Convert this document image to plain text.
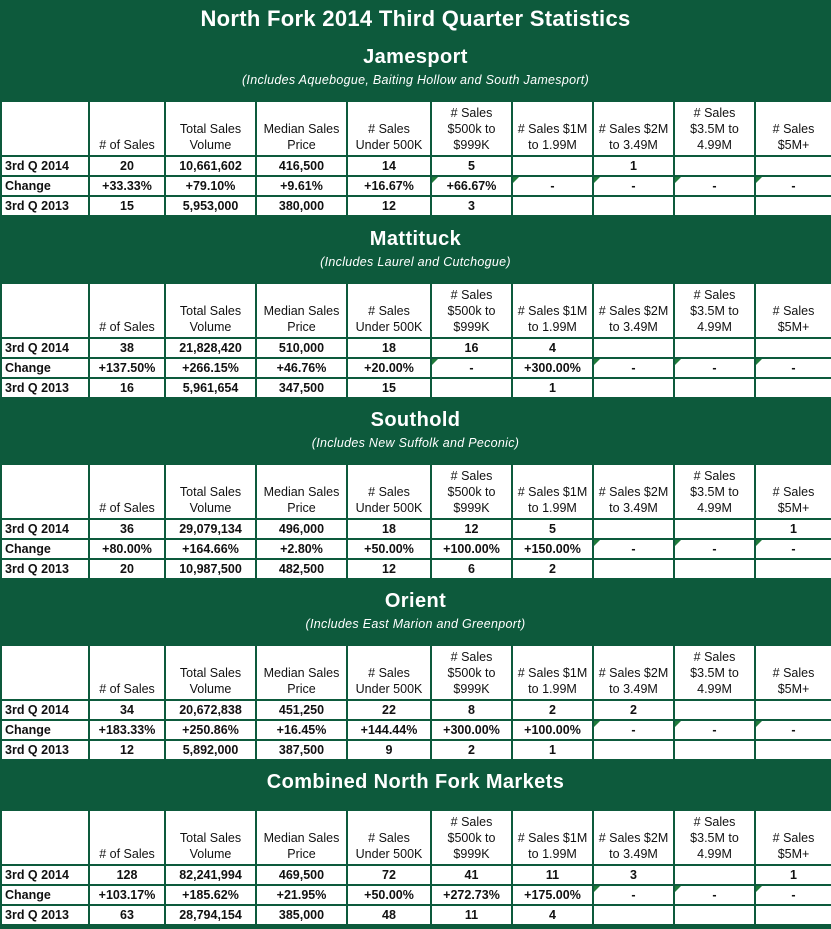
North Fork 2014 Third Quarter Statistics
Jamesport
(Includes Aquebogue, Baiting Hollow and South Jamesport)
	# of Sales	Total Sales Volume	Median Sales Price	# Sales Under 500K	# Sales $500k to $999K	# Sales $1M to 1.99M	# Sales $2M to 3.49M	# Sales $3.5M to 4.99M	# Sales $5M+
3rd Q 2014	20	10,661,602	416,500	14	5		1		
Change	+33.33%	+79.10%	+9.61%	+16.67%	+66.67%	-	-	-	-
3rd Q 2013	15	5,953,000	380,000	12	3				
Mattituck
(Includes Laurel and Cutchogue)
	# of Sales	Total Sales Volume	Median Sales Price	# Sales Under 500K	# Sales $500k to $999K	# Sales $1M to 1.99M	# Sales $2M to 3.49M	# Sales $3.5M to 4.99M	# Sales $5M+
3rd Q 2014	38	21,828,420	510,000	18	16	4			
Change	+137.50%	+266.15%	+46.76%	+20.00%	-	+300.00%	-	-	-
3rd Q 2013	16	5,961,654	347,500	15		1			
Southold
(Includes New Suffolk and Peconic)
	# of Sales	Total Sales Volume	Median Sales Price	# Sales Under 500K	# Sales $500k to $999K	# Sales $1M to 1.99M	# Sales $2M to 3.49M	# Sales $3.5M to 4.99M	# Sales $5M+
3rd Q 2014	36	29,079,134	496,000	18	12	5			1
Change	+80.00%	+164.66%	+2.80%	+50.00%	+100.00%	+150.00%	-	-	-
3rd Q 2013	20	10,987,500	482,500	12	6	2			
Orient
(Includes East Marion and Greenport)
	# of Sales	Total Sales Volume	Median Sales Price	# Sales Under 500K	# Sales $500k to $999K	# Sales $1M to 1.99M	# Sales $2M to 3.49M	# Sales $3.5M to 4.99M	# Sales $5M+
3rd Q 2014	34	20,672,838	451,250	22	8	2	2		
Change	+183.33%	+250.86%	+16.45%	+144.44%	+300.00%	+100.00%	-	-	-
3rd Q 2013	12	5,892,000	387,500	9	2	1			
Combined North Fork Markets
	# of Sales	Total Sales Volume	Median Sales Price	# Sales Under 500K	# Sales $500k to $999K	# Sales $1M to 1.99M	# Sales $2M to 3.49M	# Sales $3.5M to 4.99M	# Sales $5M+
3rd Q 2014	128	82,241,994	469,500	72	41	11	3		1
Change	+103.17%	+185.62%	+21.95%	+50.00%	+272.73%	+175.00%	-	-	-
3rd Q 2013	63	28,794,154	385,000	48	11	4			
